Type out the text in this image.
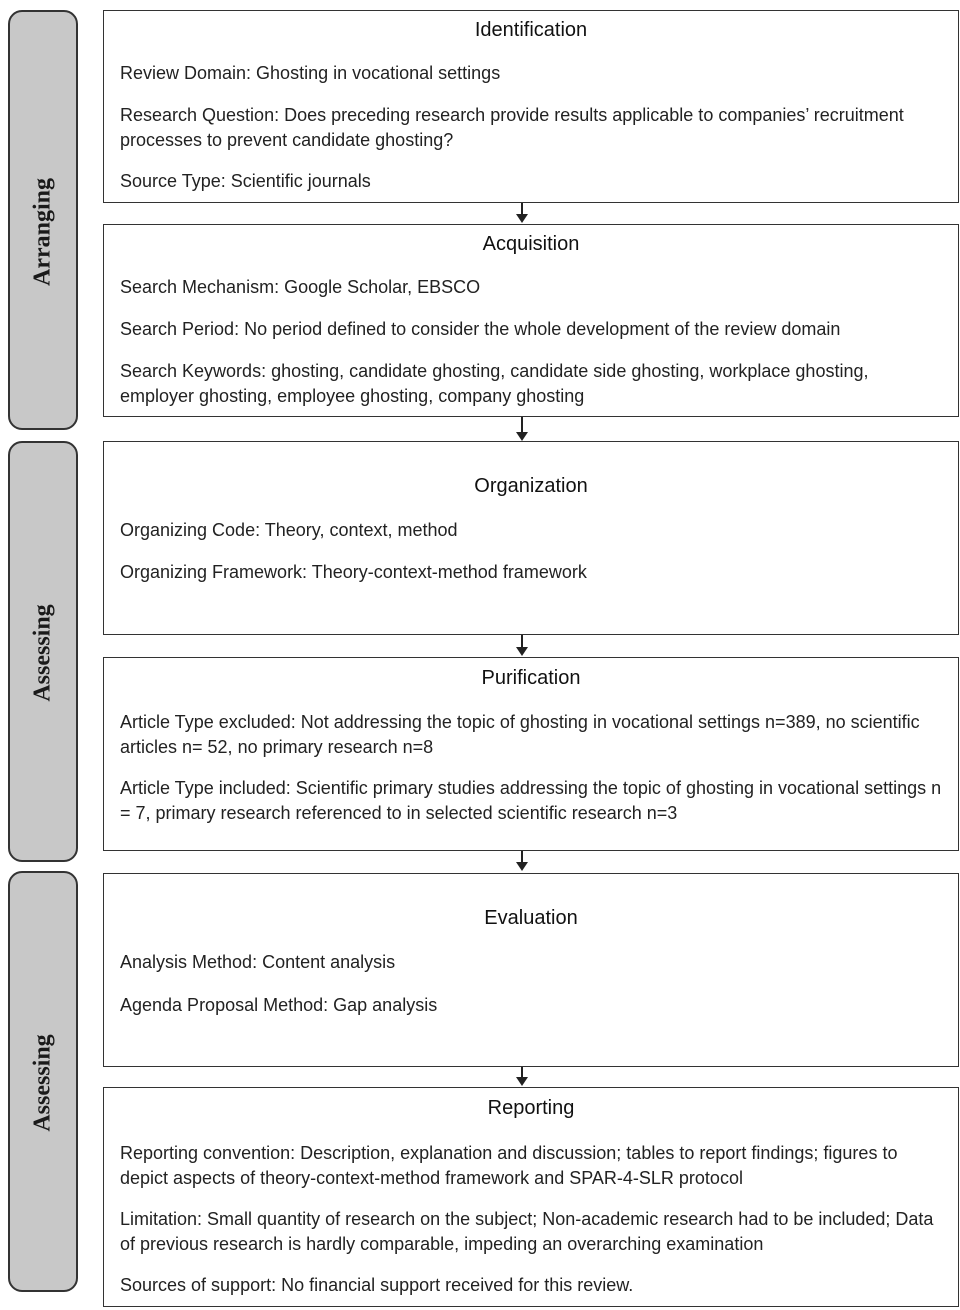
Arranging
Assessing
Assessing
Identification
Review Domain: Ghosting in vocational settings
Research Question: Does preceding research provide results applicable to companies’ recruitment processes to prevent candidate ghosting?
Source Type: Scientific journals
Acquisition
Search Mechanism: Google Scholar, EBSCO
Search Period: No period defined to consider the whole development of the review domain
Search Keywords: ghosting, candidate ghosting, candidate side ghosting, workplace ghosting, employer ghosting, employee ghosting, company ghosting
Organization
Organizing Code: Theory, context, method
Organizing Framework: Theory-context-method framework
Purification
Article Type excluded: Not addressing the topic of ghosting in vocational settings n=389, no scientific articles n= 52, no primary research n=8
Article Type included: Scientific primary studies addressing the topic of ghosting in vocational settings n = 7, primary research referenced to in selected scientific research n=3
Evaluation
Analysis Method: Content analysis
Agenda Proposal Method: Gap analysis
Reporting
Reporting convention: Description, explanation and discussion; tables to report findings; figures to depict aspects of theory-context-method framework and SPAR-4-SLR protocol
Limitation: Small quantity of research on the subject; Non-academic research had to be included; Data of previous research is hardly comparable, impeding an overarching examination
Sources of support: No financial support received for this review.
